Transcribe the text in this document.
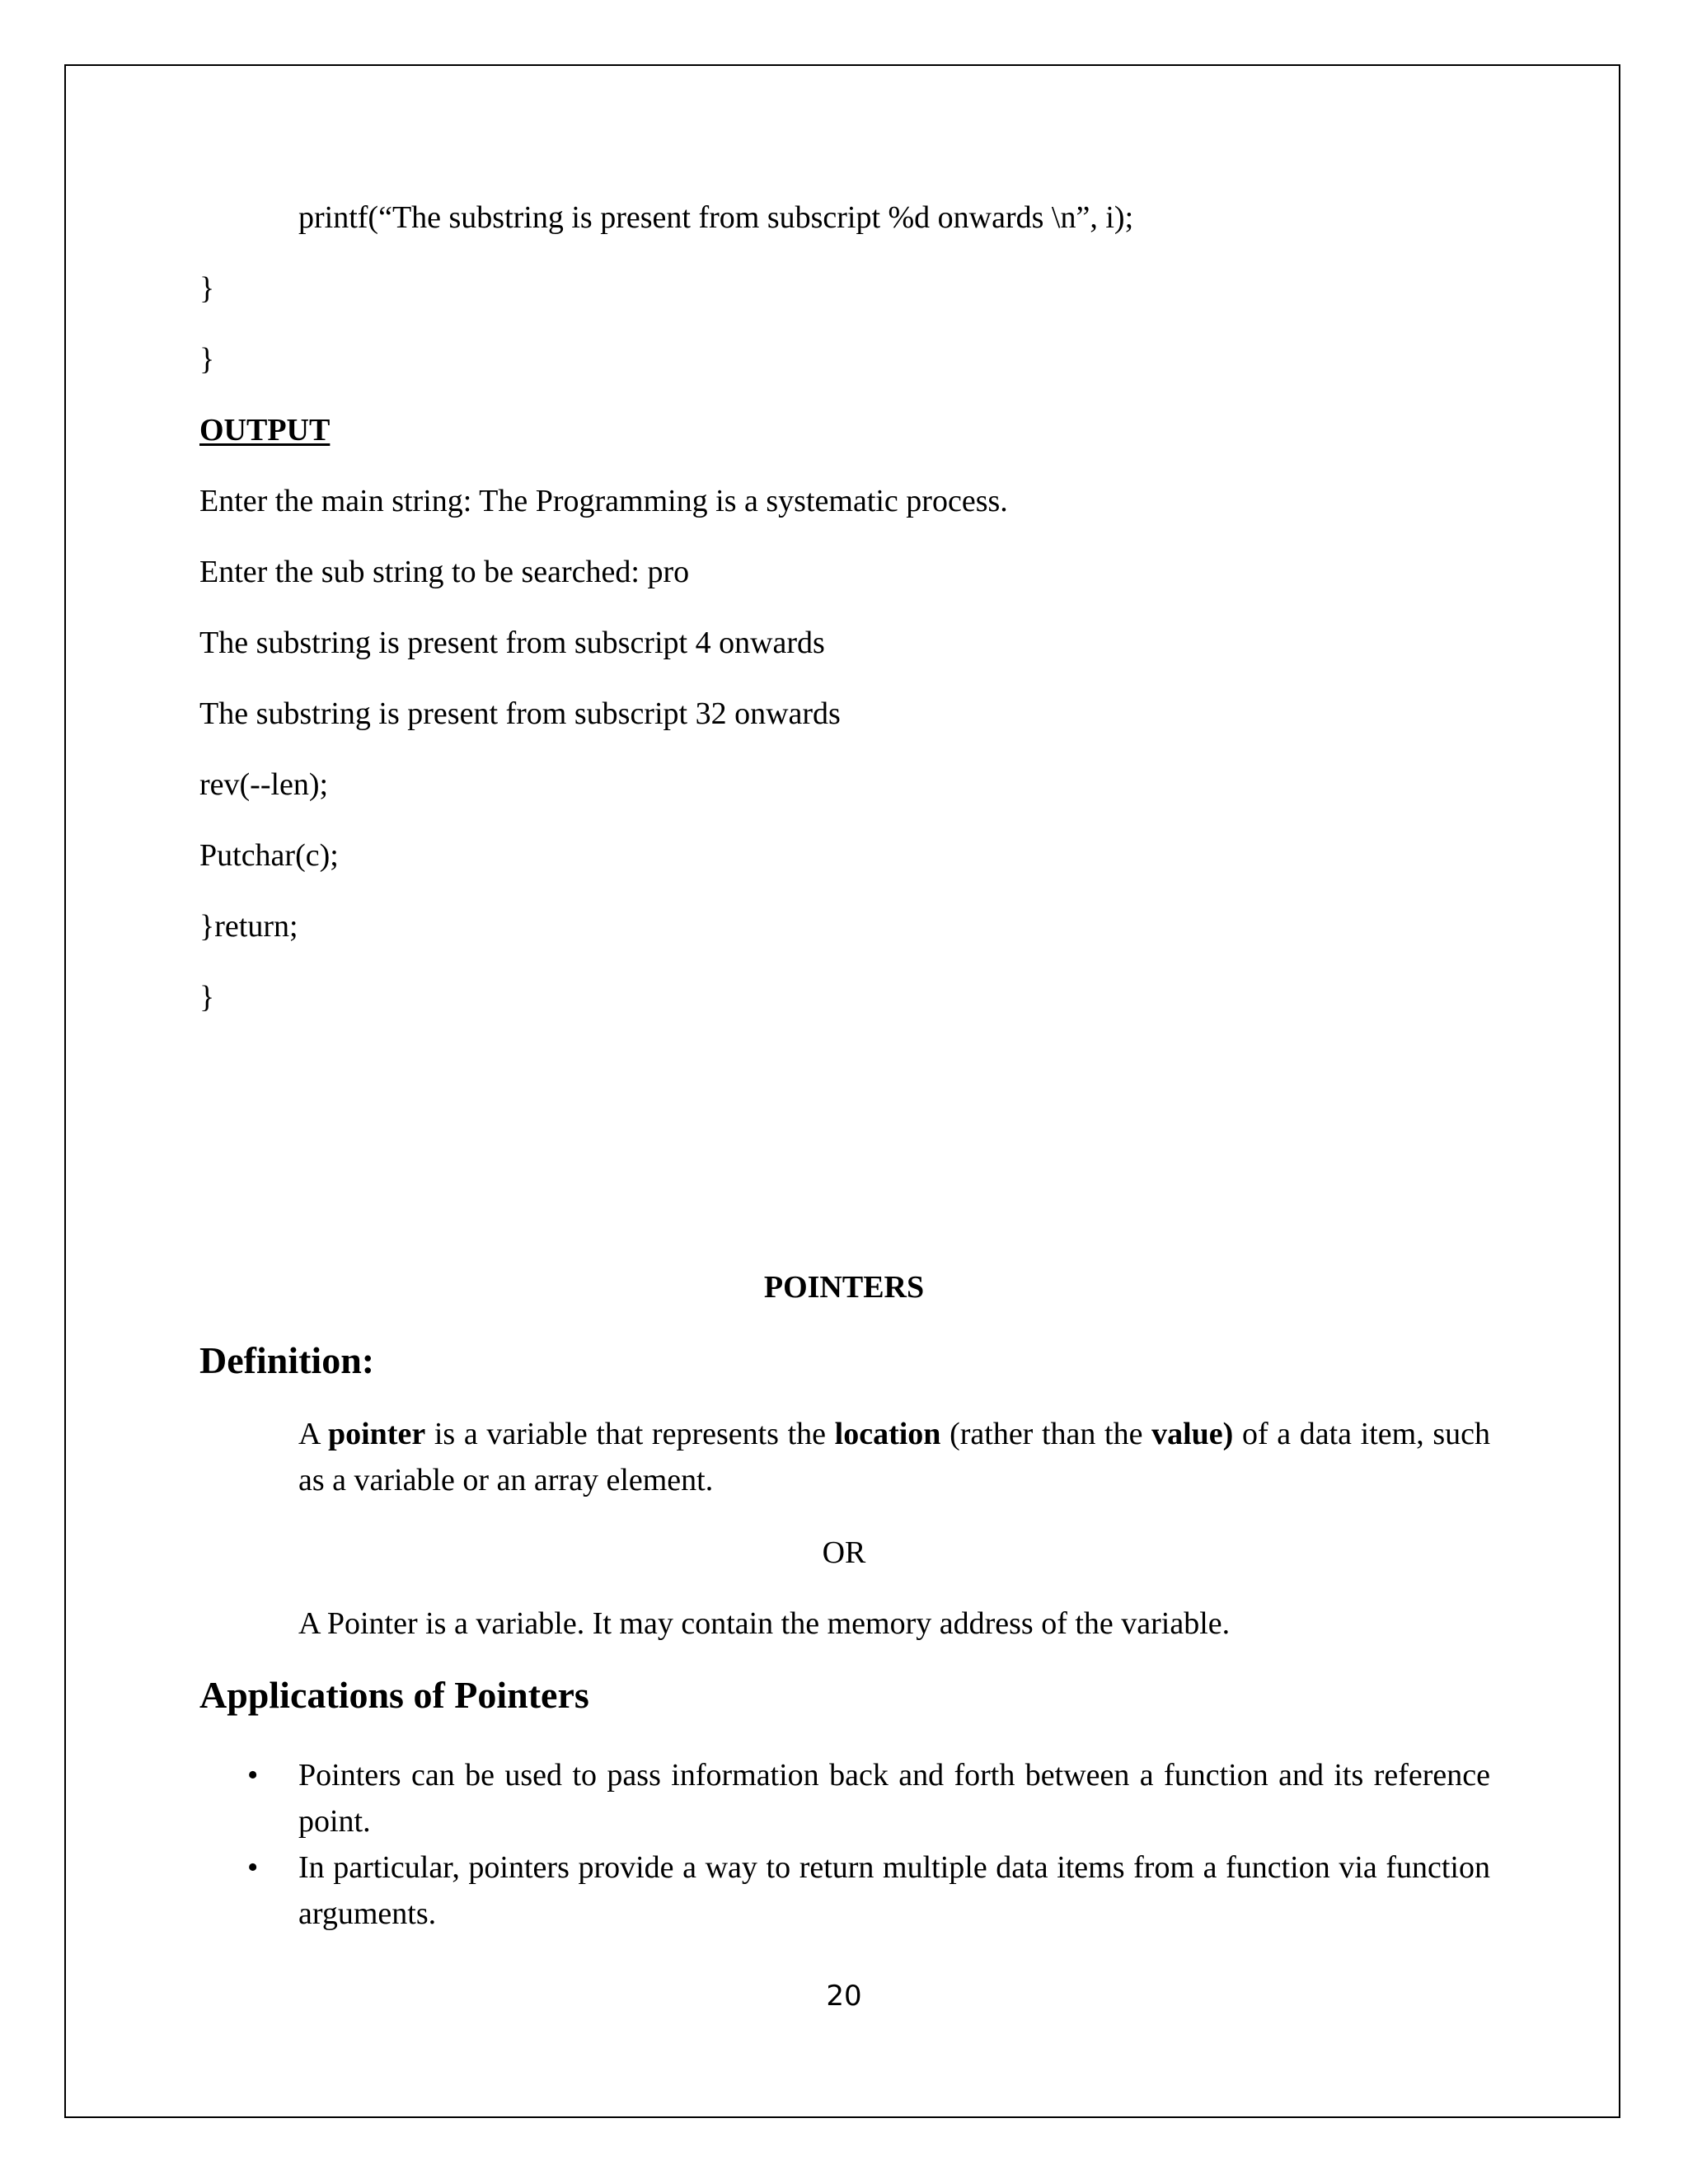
printf(“The substring is present from subscript %d onwards \n”, i);
}
}
OUTPUT
Enter the main string: The Programming is a systematic process.
Enter the sub string to be searched: pro
The substring is present from subscript 4 onwards
The substring is present from subscript 32 onwards
rev(--len);
Putchar(c);
}return;
}
POINTERS
Definition:
A pointer is a variable that represents the location (rather than the value) of a data item, such as a variable or an array element.
OR
A Pointer is a variable. It may contain the memory address of the variable.
Applications of Pointers
• Pointers can be used to pass information back and forth between a function and its reference point.
• In particular, pointers provide a way to return multiple data items from a function via function arguments.
20
